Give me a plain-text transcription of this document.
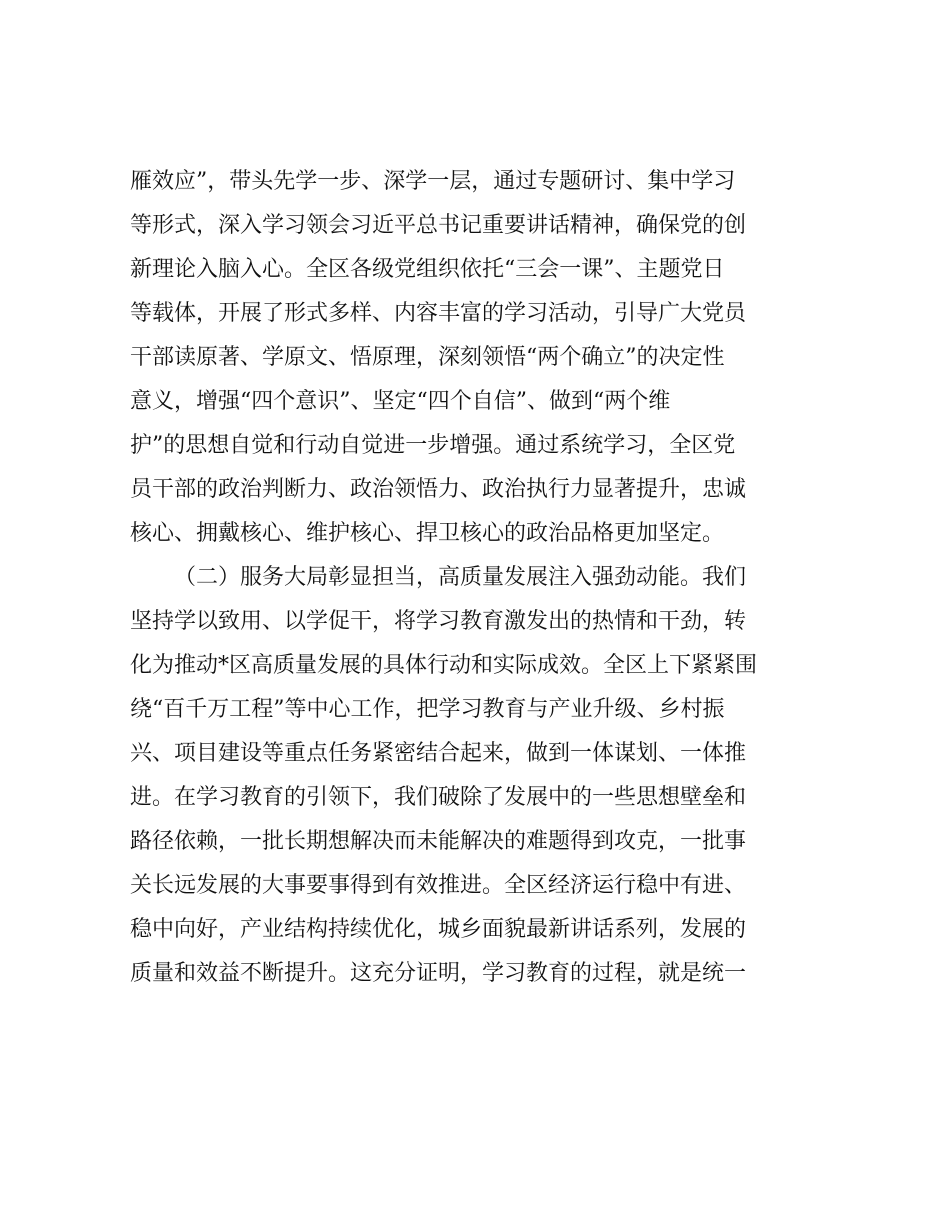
雁效应”，带头先学一步、深学一层，通过专题研讨、集中学习
等形式，深入学习领会习近平总书记重要讲话精神，确保党的创
新理论入脑入心。全区各级党组织依托“三会一课”、主题党日
等载体，开展了形式多样、内容丰富的学习活动，引导广大党员
干部读原著、学原文、悟原理，深刻领悟“两个确立”的决定性
意义，增强“四个意识”、坚定“四个自信”、做到“两个维
护”的思想自觉和行动自觉进一步增强。通过系统学习，全区党
员干部的政治判断力、政治领悟力、政治执行力显著提升，忠诚
核心、拥戴核心、维护核心、捍卫核心的政治品格更加坚定。
（二）服务大局彰显担当，高质量发展注入强劲动能。我们
坚持学以致用、以学促干，将学习教育激发出的热情和干劲，转
化为推动*区高质量发展的具体行动和实际成效。全区上下紧紧围
绕“百千万工程”等中心工作，把学习教育与产业升级、乡村振
兴、项目建设等重点任务紧密结合起来，做到一体谋划、一体推
进。在学习教育的引领下，我们破除了发展中的一些思想壁垒和
路径依赖，一批长期想解决而未能解决的难题得到攻克，一批事
关长远发展的大事要事得到有效推进。全区经济运行稳中有进、
稳中向好，产业结构持续优化，城乡面貌最新讲话系列，发展的
质量和效益不断提升。这充分证明，学习教育的过程，就是统一
